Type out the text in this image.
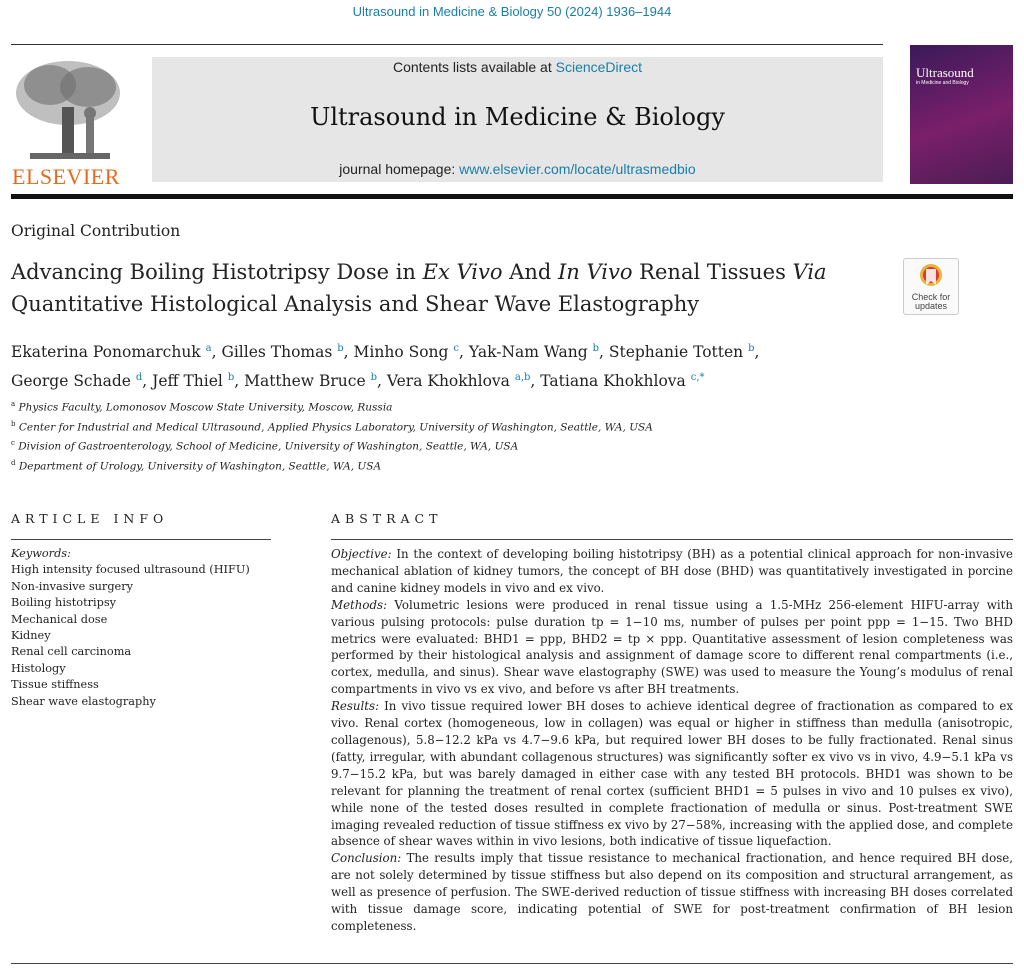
Ultrasound in Medicine & Biology 50 (2024) 1936–1944
ELSEVIER
Contents lists available at ScienceDirect
Ultrasound in Medicine & Biology
journal homepage: www.elsevier.com/locate/ultrasmedbio
Ultrasound
in Medicine and Biology
Original Contribution
Advancing Boiling Histotripsy Dose in Ex Vivo And In Vivo Renal Tissues Via Quantitative Histological Analysis and Shear Wave Elastography	Check for updates
Ekaterina Ponomarchuk $^a$, Gilles Thomas $^b$, Minho Song $^c$, Yak-Nam Wang $^b$, Stephanie Totten $^b$,
George Schade $^d$, Jeff Thiel $^b$, Matthew Bruce $^b$, Vera Khokhlova $^{a,b}$, Tatiana Khokhlova $^{c,*}$
$^a$ Physics Faculty, Lomonosov Moscow State University, Moscow, Russia
$^b$ Center for Industrial and Medical Ultrasound, Applied Physics Laboratory, University of Washington, Seattle, WA, USA
$^c$ Division of Gastroenterology, School of Medicine, University of Washington, Seattle, WA, USA
$^d$ Department of Urology, University of Washington, Seattle, WA, USA
ARTICLE INFO	ABSTRACT
Keywords:
High intensity focused ultrasound (HIFU)
Non-invasive surgery
Boiling histotripsy
Mechanical dose
Kidney
Renal cell carcinoma
Histology
Tissue stiffness
Shear wave elastography

Objective: In the context of developing boiling histotripsy (BH) as a potential clinical approach for non-invasive mechanical ablation of kidney tumors, the concept of BH dose (BHD) was quantitatively investigated in porcine and canine kidney models in vivo and ex vivo.

Methods: Volumetric lesions were produced in renal tissue using a 1.5-MHz 256-element HIFU-array with various pulsing protocols: pulse duration tp = 1−10 ms, number of pulses per point ppp = 1−15. Two BHD metrics were evaluated: BHD1 = ppp, BHD2 = tp × ppp. Quantitative assessment of lesion completeness was performed by their histological analysis and assignment of damage score to different renal compartments (i.e., cortex, medulla, and sinus). Shear wave elastography (SWE) was used to measure the Young’s modulus of renal compartments in vivo vs ex vivo, and before vs after BH treatments.

Results: In vivo tissue required lower BH doses to achieve identical degree of fractionation as compared to ex vivo. Renal cortex (homogeneous, low in collagen) was equal or higher in stiffness than medulla (anisotropic, collagenous), 5.8−12.2 kPa vs 4.7−9.6 kPa, but required lower BH doses to be fully fractionated. Renal sinus (fatty, irregular, with abundant collagenous structures) was significantly softer ex vivo vs in vivo, 4.9−5.1 kPa vs 9.7−15.2 kPa, but was barely damaged in either case with any tested BH protocols. BHD1 was shown to be relevant for planning the treatment of renal cortex (sufficient BHD1 = 5 pulses in vivo and 10 pulses ex vivo), while none of the tested doses resulted in complete fractionation of medulla or sinus. Post-treatment SWE imaging revealed reduction of tissue stiffness ex vivo by 27−58%, increasing with the applied dose, and complete absence of shear waves within in vivo lesions, both indicative of tissue liquefaction.

Conclusion: The results imply that tissue resistance to mechanical fractionation, and hence required BH dose, are not solely determined by tissue stiffness but also depend on its composition and structural arrangement, as well as presence of perfusion. The SWE-derived reduction of tissue stiffness with increasing BH doses correlated with tissue damage score, indicating potential of SWE for post-treatment confirmation of BH lesion completeness.
